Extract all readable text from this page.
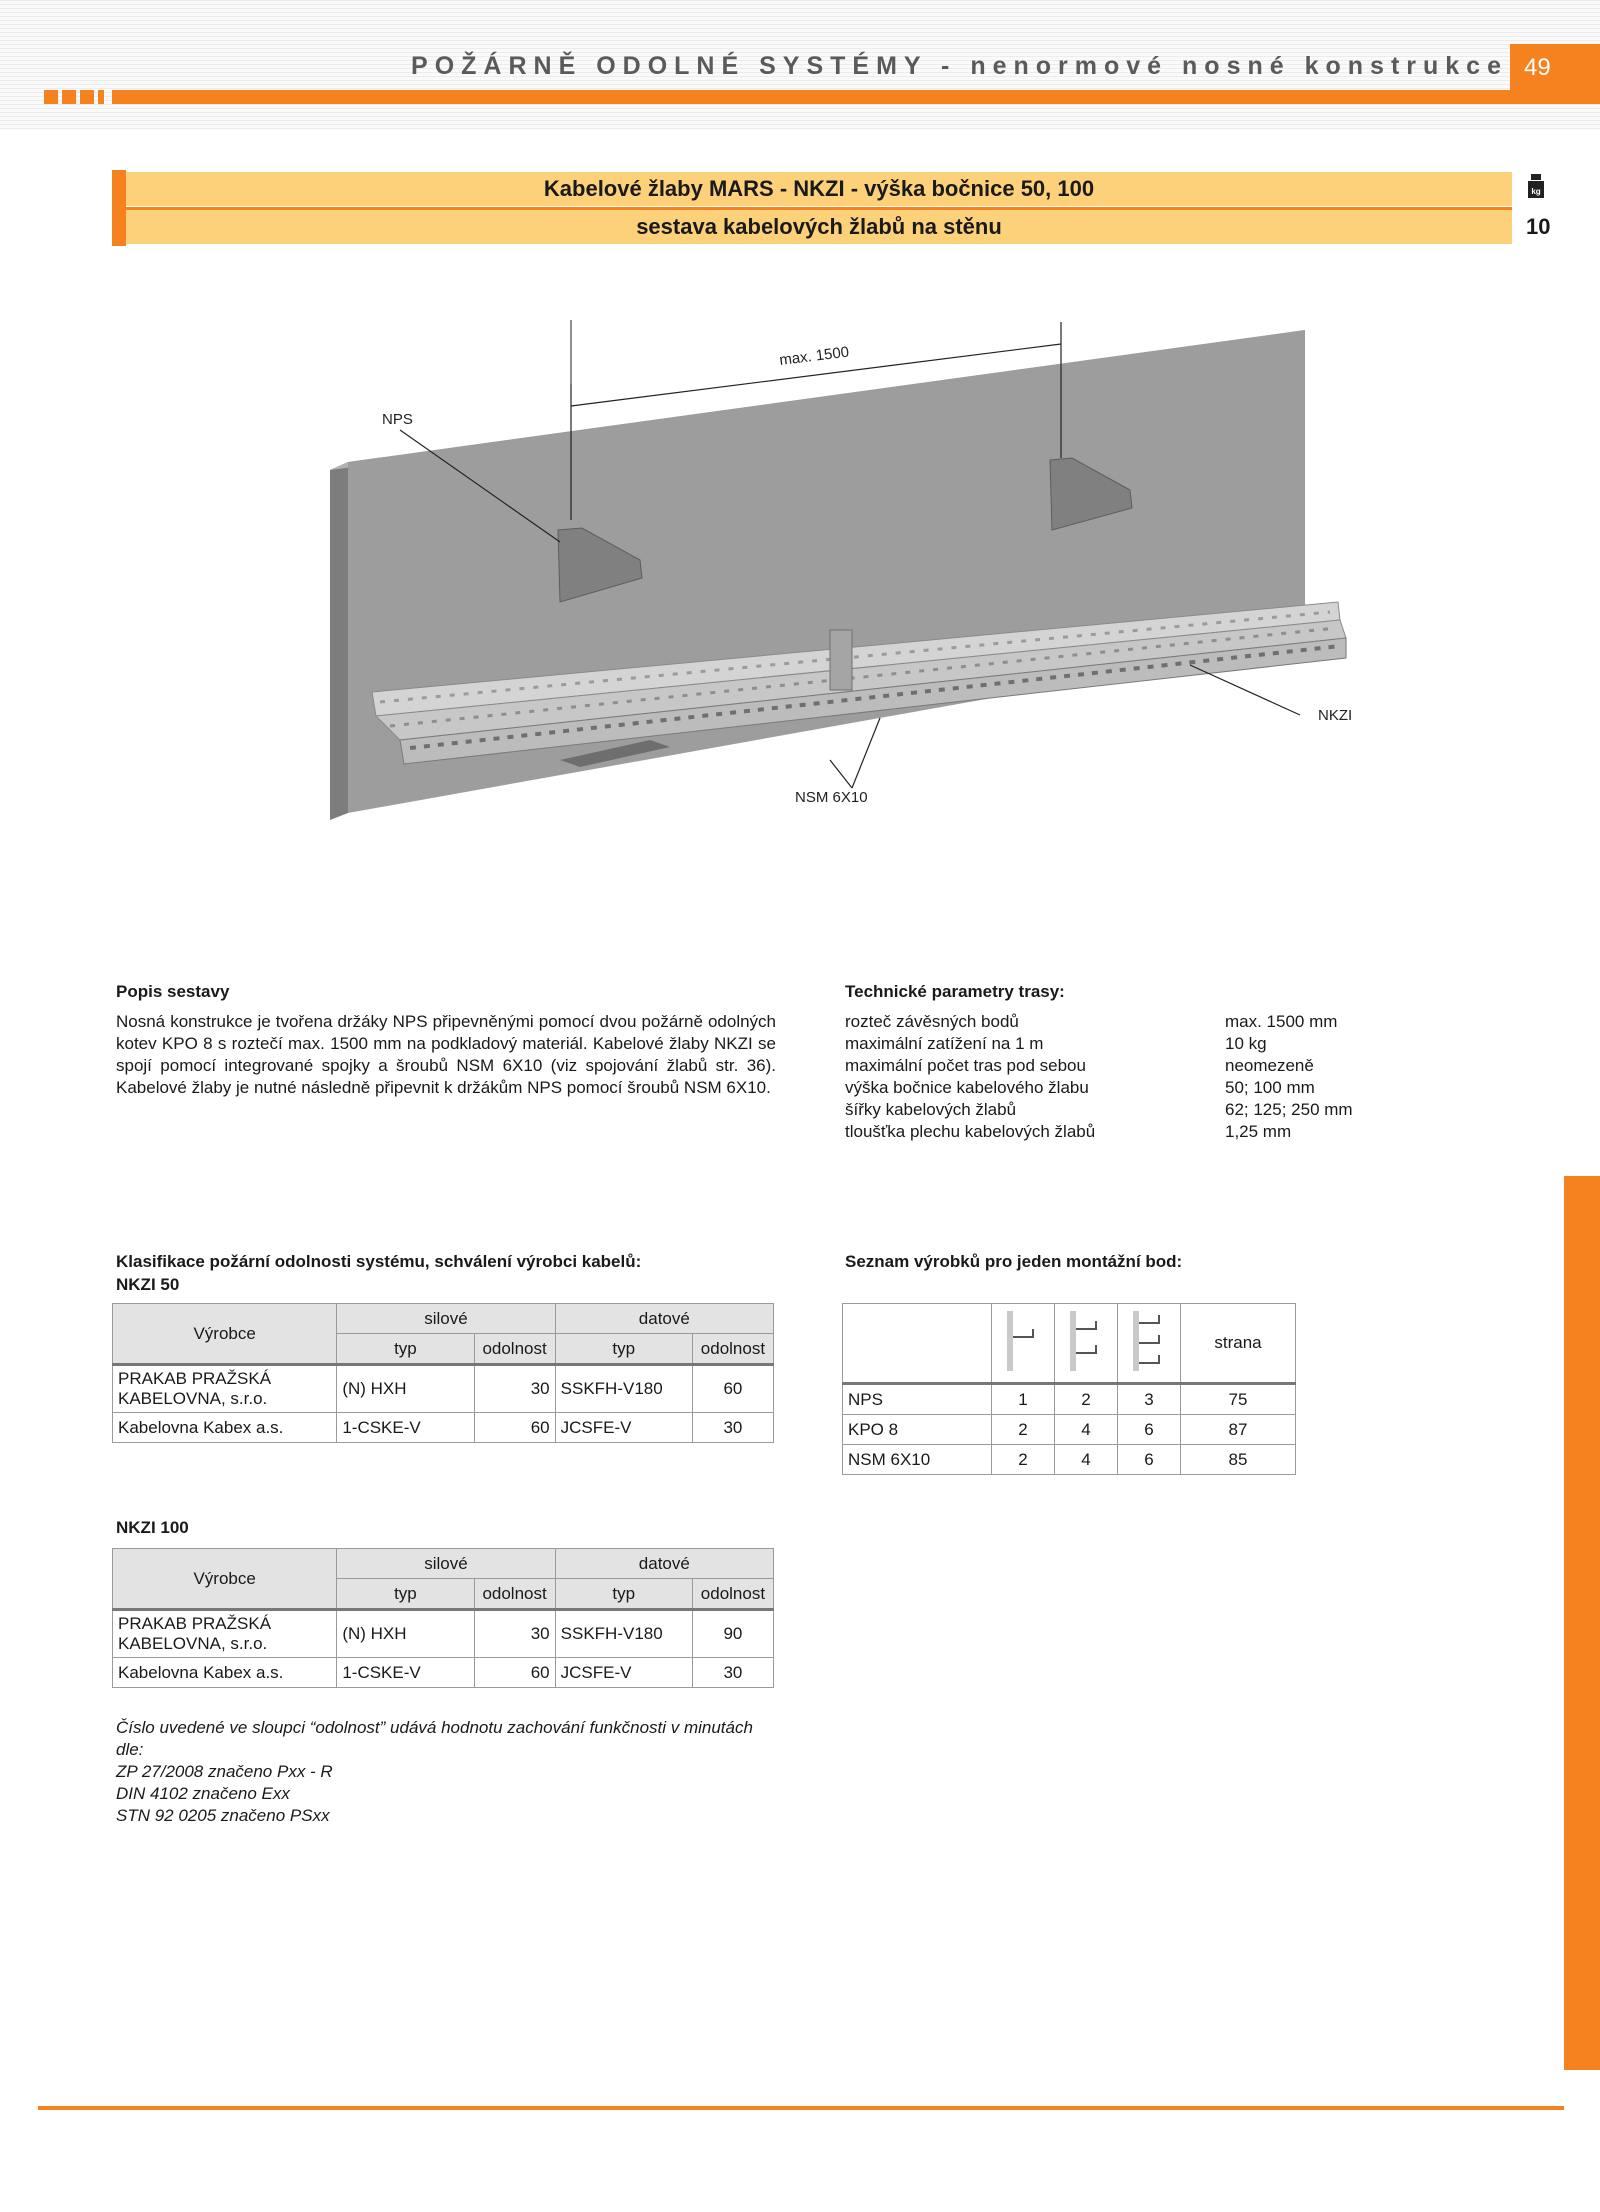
POŽÁRNĚ ODOLNÉ SYSTÉMY - nenormové nosné konstrukce 49
Kabelové žlaby MARS - NKZI - výška bočnice 50, 100
sestava kabelových žlabů na stěnu
kg
10
max. 1500
NPS
NKZI
NSM 6X10
Popis sestavy
Nosná konstrukce je tvořena držáky NPS připevněnými pomocí dvou požárně odolných kotev KPO 8 s roztečí max. 1500 mm na podkladový materiál. Kabelové žlaby NKZI se spojí pomocí integrované spojky a šroubů NSM 6X10 (viz spojování žlabů str. 36). Kabelové žlaby je nutné následně připevnit k držákům NPS pomocí šroubů NSM 6X10.
Technické parametry trasy:
rozteč závěsných bodů	max. 1500 mm
maximální zatížení na 1 m	10 kg
maximální počet tras pod sebou	neomezeně
výška bočnice kabelového žlabu	50; 100 mm
šířky kabelových žlabů	62; 125; 250 mm
tloušťka plechu kabelových žlabů	1,25 mm
Klasifikace požární odolnosti systému, schválení výrobci kabelů:
NKZI 50
Výrobce	silové		datové	
	typ	odolnost	typ	odolnost
PRAKAB PRAŽSKÁ KABELOVNA, s.r.o.	(N) HXH	30	SSKFH-V180	60
Kabelovna Kabex a.s.	1-CSKE-V	60	JCSFE-V	30
NKZI 100
Výrobce	silové		datové	
	typ	odolnost	typ	odolnost
PRAKAB PRAŽSKÁ KABELOVNA, s.r.o.	(N) HXH	30	SSKFH-V180	90
Kabelovna Kabex a.s.	1-CSKE-V	60	JCSFE-V	30
Číslo uvedené ve sloupci “odolnost” udává hodnotu zachování funkčnosti v minutách dle:
ZP 27/2008 značeno Pxx - R
DIN 4102 značeno Exx
STN 92 0205 značeno PSxx
Seznam výrobků pro jeden montážní bod:
				strana
NPS	1	2	3	75
KPO 8	2	4	6	87
NSM 6X10	2	4	6	85
